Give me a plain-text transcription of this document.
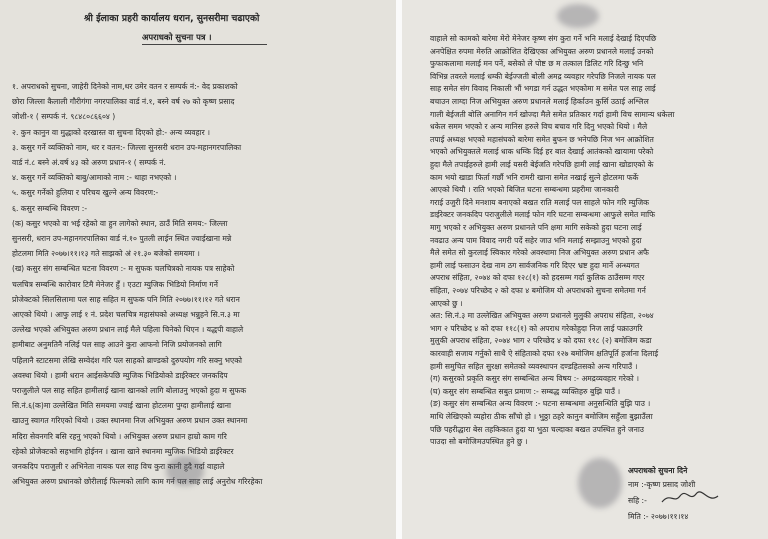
श्री ईलाका प्रहरी कार्यालय धरान, सुनसरीमा चढाएको
अपराधको सुचना पत्र ।
१. अपराधको सुचना, जाहेरी दिनेको नाम,थर उमेर वतन र सम्पर्क नं:- वेद प्रकाशको
छोरा जिल्ला कैलाली गौरीगंगा नगरपालिका वार्ड नं.१, बस्ने वर्ष २७ को कृष्ण प्रसाद
जोशी-१ ( सम्पर्क नं. ९८४८०८६६०४ )
२. कुन कानुन वा मुद्धाको दरखास्त वा सुचना दिएको हो:- अन्य व्यवहार ।
३. कसुर गर्ने व्यक्तिको नाम, थर र वतन:- जिल्ला सुनसरी धरान उप-महानगरपालिका
वार्ड नं.८ बस्ने अं.वर्ष ४३ को अरुण प्रधान-१ ( सम्पर्क नं.
४. कसुर गर्ने व्यक्तिको बाबु/आमाको नाम :- थाहा नभएको ।
५. कसुर गर्नेको हुलिया र परिचय खुल्ने अन्य विवरण:-
६. कसुर सम्बन्धि विवरण :-
(क) कसुर भएको वा भई रहेको वा हुन लागेको स्थान, ठाउँ मिति समय:- जिल्ला
सुनसरी, धरान उप-महानगरपालिका वार्ड नं.१० पुतली लाईन स्थित ज्वाईखाना मन्ने
होटलमा मिति २०७७।११।१३ गते साझको अं २१.३० बजेको समयमा ।
(ख) कसुर संग सम्बन्धित घटना विवरण :- म सुफक चलचित्रको नायक पत्र साहेको
चलचित्र सम्बन्धि कारोवार टिमै मेनेजर हुँ । एउटा म्युजिक भिडियो निर्माण गर्ने
प्रोजेक्टको सिलसिलामा पल साह सहित म सुफक पनि मिति २०७७।११।१२ गते धरान
आएको थियो । आफु लाई १ नं. प्रदेश चलचित्र महासंघको अध्यक्ष भन्नुहने सि.न.३ मा
उल्लेख भएको अभियुक्त अरुण प्रधान लाई मैले पहिला चिनेको थिएन । यद्धपी वाहाले
हामीबाट अनुमतिनै नलिई पल साह आउने कुरा आफनो निजि प्रयोजनको लागि
पहिलानै स्टाटसमा लेखि सम्वेदंश गरि पल साहको ब्राण्डको दुरुपयोग गरि सक्नु भएको
अवस्था थियो । हामी धरान आईसकेपछि म्युजिक भिडियोको डाईरेक्टर जनकदिप
पराजुलीले पल साह सहित हामीलाई खाना खानको लागि बोलाउनु भएको हुदा म सुफक
सि.नं.६(क)मा उल्लेखित मिति समयमा ज्वाई खाना होटलमा पुग्दा हामीलाई खाना
खाउनु स्वागत गरिएको थियो । उक्त स्थानमा निज अभियुक्त अरुण प्रधान उक्त स्थानमा
मदिरा सेवनगरि बसि रहनु भएको थियो । अभियुक्त अरुण प्रधान हाम्रो काम गरि
रहेको प्रोजेक्टको सहभागि होईनन । खाना खाने स्थानमा म्युजिक भिडियो डाईरेक्टर
जनकदिप पराजुली र अभिनेता नायक पल साह विच कुरा कानी हुदै गर्दा वाहाले
अभियुक्त अरुण प्रधानको छोरीलाई फिल्मको लागि काम गर्न पल साह लाई अनुरोध गरिरहेका
वाहाले सो कामको बारेमा मेरो मेनेजर कृष्ण संग कुरा गर्ने भनि मलाई देखाई दिएपछि
अनपेक्षित रुपमा मेरुति आक्रोशित देखिएका अभियुक्त अरुण प्रधानले मलाई उनको
फुफाकलामा मलाई मन पर्ने, बसेको ले पोष्ट छ म तत्काल डिलिट गरि दिन्छु भनि
विभिन्न तवरले मलाई धम्की बेईज्जती बोली अमद्र व्यवहार गरेपछि निजले नायक पल
साह समेत संग विवाद निकाली भौं भगडा गर्न उद्धत भएकोमा म समेत पल साह लाई
बचाउन लाग्दा निज अभियुक्त अरुण प्रधानले मलाई हिर्काउन कुर्सि उठाई अश्लिल
गाली बेईजती बोलि अनागिन गर्न खोज्दा मैले समेत प्रतिकार गर्दा हामी विच सामान्य धकेला
धकेल समम भएको र अन्य मानिस हरुले विच बचाव गरि दिनु भएको थियो । मैले
तपाई अध्यक्ष भएको महासंघको बारेमा समेत बुफन छ भनेपछि निज भन आक्रोशित
भएको अभियुक्तले मलाई धाक धम्कि दिई हर बात देखाई आतंकको खायामा परेको
हुदा मैले तपाईहरुले हामी लाई यसरी बेईजति गरेपछि हामी लाई खाना खोडाएको के
काम भयो खाडा फिर्ता गर्छौ भनि रामरी खाना समेत नखाई सुत्ने होटलमा फर्के
आएको थियौ । राति भएको बिजित घटना सम्बन्धमा प्रहरीमा जानकारी
गराई उजुरी दिने मनशाय बनाएको बखत राति मलाई पल साहले फोन गरि म्युजिक
डाईरेक्टर जनकदिप पराजुलीले मलाई फोन गरि घटना सम्बन्धमा आफुले समेत माफि
मागु भएको र अभियुक्त अरुण प्रधानले पनि क्षमा मागि सकेको हुदा घटना लाई
नवढाउ अन्य पाम विवाद नगरी पर्दे सहेर जाउ भनि मलाई सम्झाउनु भएको हुदा
मैले समेत सो कुरलाई स्विकार गरेको अवस्थामा निज अभियुक्त अरुण प्रधान अफै
हामी लाई फसाउन देख नाम ठग सार्वजनिक गरि दिएर भ्रष्ट हुदा मार्ने अन्ध्यगत
अपराध संहिता, २०७४ को दफा १२८(१) को हदसम्म गर्दा कुलिक ठाउँसम्म गएर
संहिता, २०७४ परिच्छेद २ को दफा ४ बमोजिम यो अपराधको सुचना समेतमा गर्न
आएको छु ।
अत: सि.नं.३ मा उल्लेखित अभियुक्त अरुण प्रधानले मुलुकी अपराध संहिता, २०७४
भाग २ परिच्छेद ४ को दफा ११८(१) को अपराध गरेकोहुदा निज लाई पक्राउगरि
मुलुकी अपराध संहिता, २०७४ भाग २ परिच्छेद ४ को दफा ११८ (२) बमोजिम कडा
कारवाही सजाय गर्नुको साथै ऐ संहिताको दफा १२७ बमोजिम क्षतिपूर्ति हर्जाना दिलाई
हामी समुचित सहित सुरक्षा समेतको व्यवस्थापन दण्डहितसको अन्य गरिपाउँ ।
(ग) कसुरको प्रकृति कसुर संग सम्बन्धित अन्य विषय :- अमद्रव्यवहार गरेको ।
(घ) कसुर संग सम्बन्धित सबुत प्रमाण :- सम्बद्ध व्यक्तिहरु बुझि पाउँ ।
(ङ) कसुर संग सम्बन्धित अन्य विवरण :- घटना सम्बन्धमा अनुसन्धिति बुझि पाउ ।
माथि लेखिएको व्यहोरा ठीक साँचो हो । भुठ्ठा ठहरे कानुन बमोजिम सहुँला बुझाउँला
पछि पहरीद्धारा बेस तहकिकात हुदा या भुठा चल्दाका बखत उपस्थित हुने जनाउ
पाउदा सो बमोजिमउपस्थित हुने छु ।
अपराधको सुचना दिने
नाम :-कृष्ण प्रसाद जोशी
सहि :-
मिति :- २०७७।११।१४
